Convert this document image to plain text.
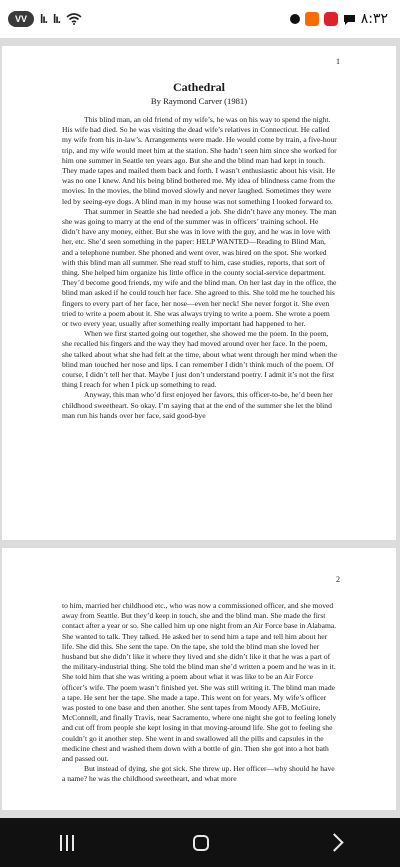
VV	lı. lı.	۸:۳۲
1
Cathedral
By Raymond Carver (1981)

This blind man, an old friend of my wife’s, he was on his way to spend the night. His wife had died. So he was visiting the dead wife’s relatives in Connecticut. He called my wife from his in-law’s. Arrangements were made. He would come by train, a five-hour trip, and my wife would meet him at the station. She hadn’t seen him since she worked for him one summer in Seattle ten years ago. But she and the blind man had kept in touch. They made tapes and mailed them back and forth. I wasn’t enthusiastic about his visit. He was no one I knew. And his being blind bothered me. My idea of blindness came from the movies. In the movies, the blind moved slowly and never laughed. Sometimes they were led by seeing-eye dogs. A blind man in my house was not something I looked forward to.

That summer in Seattle she had needed a job. She didn’t have any money. The man she was going to marry at the end of the summer was in officers’ training school. He didn’t have any money, either. But she was in love with the guy, and he was in love with her, etc. She’d seen something in the paper: HELP WANTED—Reading to Blind Man, and a telephone number. She phoned and went over, was hired on the spot. She worked with this blind man all summer. She read stuff to him, case studies, reports, that sort of thing. She helped him organize his little office in the county social-service department. They’d become good friends, my wife and the blind man. On her last day in the office, the blind man asked if he could touch her face. She agreed to this. She told me he touched his fingers to every part of her face, her nose—even her neck! She never forgot it. She even tried to write a poem about it. She was always trying to write a poem. She wrote a poem or two every year, usually after something really important had happened to her.

When we first started going out together, she showed me the poem. In the poem, she recalled his fingers and the way they had moved around over her face. In the poem, she talked about what she had felt at the time, about what went through her mind when the blind man touched her nose and lips. I can remember I didn’t think much of the poem. Of course, I didn’t tell her that. Maybe I just don’t understand poetry. I admit it’s not the first thing I reach for when I pick up something to read.

Anyway, this man who’d first enjoyed her favors, this officer-to-be, he’d been her childhood sweetheart. So okay. I’m saying that at the end of the summer she let the blind man run his hands over her face, said good-bye

2

to him, married her childhood etc., who was now a commissioned officer, and she moved away from Seattle. But they’d keep in touch, she and the blind man. She made the first contact after a year or so. She called him up one night from an Air Force base in Alabama. She wanted to talk. They talked. He asked her to send him a tape and tell him about her life. She did this. She sent the tape. On the tape, she told the blind man she loved her husband but she didn’t like it where they lived and she didn’t like it that he was a part of the military-industrial thing. She told the blind man she’d written a poem and he was in it. She told him that she was writing a poem about what it was like to be an Air Force officer’s wife. The poem wasn’t finished yet. She was still writing it. The blind man made a tape. He sent her the tape. She made a tape. This went on for years. My wife’s officer was posted to one base and then another. She sent tapes from Moody AFB, McGuire, McConnell, and finally Travis, near Sacramento, where one night she got to feeling lonely and cut off from people she kept losing in that moving-around life. She got to feeling she couldn’t go it another step. She went in and swallowed all the pills and capsules in the medicine chest and washed them down with a bottle of gin. Then she got into a hot bath and passed out.

But instead of dying, she got sick. She threw up. Her officer—why should he have a name? he was the childhood sweetheart, and what more
